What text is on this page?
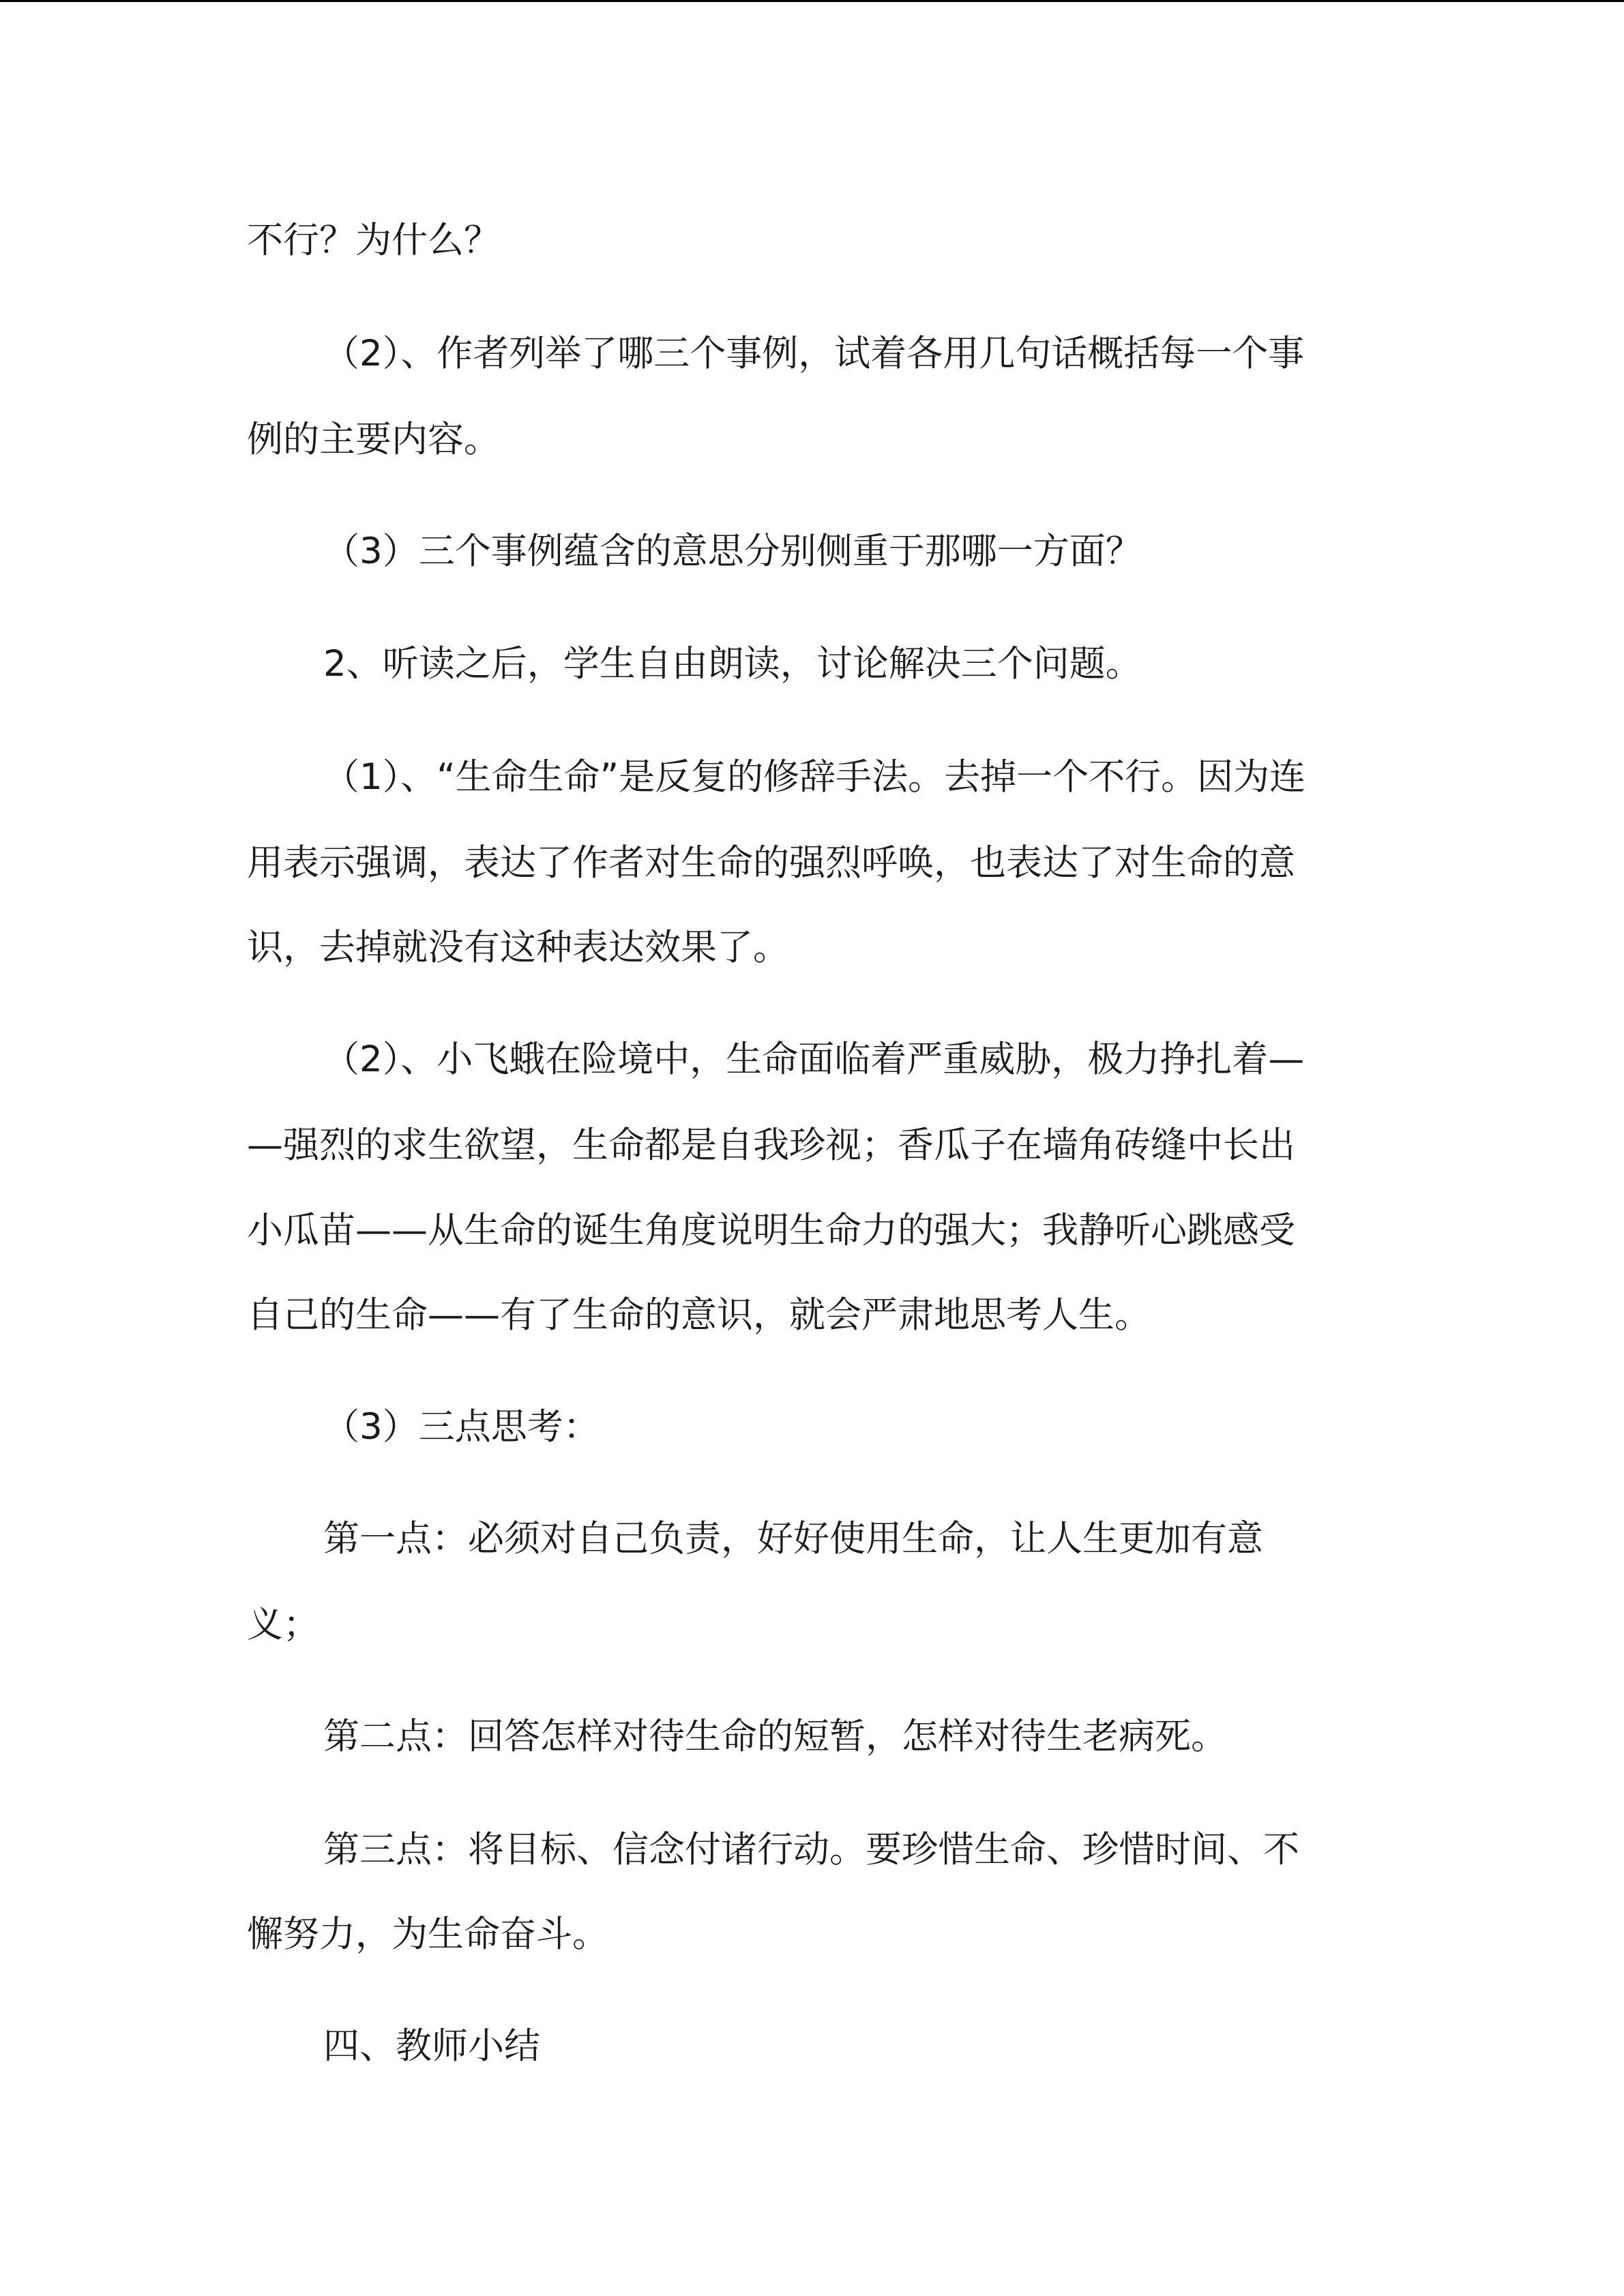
不行？为什么？

（2）、作者列举了哪三个事例，试着各用几句话概括每一个事

例的主要内容。

（3）三个事例蕴含的意思分别侧重于那哪一方面？

2、听读之后，学生自由朗读，讨论解决三个问题。

（1）、“生命生命”是反复的修辞手法。去掉一个不行。因为连

用表示强调，表达了作者对生命的强烈呼唤，也表达了对生命的意

识，去掉就没有这种表达效果了。

（2）、小飞蛾在险境中，生命面临着严重威胁，极力挣扎着—

—强烈的求生欲望，生命都是自我珍视；香瓜子在墙角砖缝中长出

小瓜苗——从生命的诞生角度说明生命力的强大；我静听心跳感受

自己的生命——有了生命的意识，就会严肃地思考人生。

（3）三点思考：

第一点：必须对自己负责，好好使用生命，让人生更加有意

义；

第二点：回答怎样对待生命的短暂，怎样对待生老病死。

第三点：将目标、信念付诸行动。要珍惜生命、珍惜时间、不

懈努力，为生命奋斗。

四、教师小结
